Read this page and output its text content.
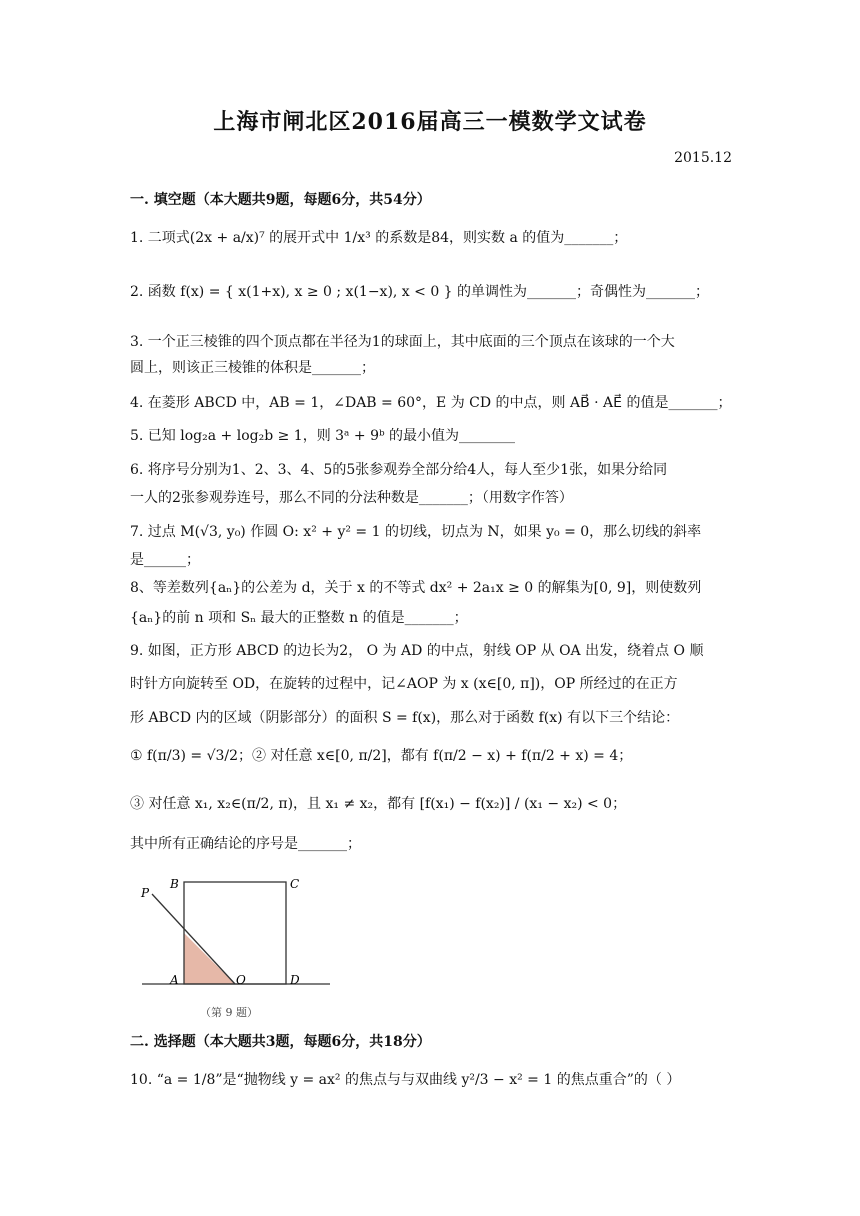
上海市闸北区2016届高三一模数学文试卷
2015.12
一. 填空题（本大题共9题，每题6分，共54分）
1. 二项式(2x + a/x)⁷ 的展开式中 1/x³ 的系数是84，则实数 a 的值为_______；
2. 函数 f(x) = { x(1+x), x ≥ 0 ; x(1−x), x < 0 } 的单调性为_______；奇偶性为_______；
3. 一个正三棱锥的四个顶点都在半径为1的球面上，其中底面的三个顶点在该球的一个大
圆上，则该正三棱锥的体积是_______；
4. 在菱形 ABCD 中，AB = 1，∠DAB = 60°，E 为 CD 的中点，则 AB⃗ · AE⃗ 的值是_______；
5. 已知 log₂a + log₂b ≥ 1，则 3ᵃ + 9ᵇ 的最小值为________
6. 将序号分别为1、2、3、4、5的5张参观券全部分给4人，每人至少1张，如果分给同
一人的2张参观券连号，那么不同的分法种数是_______；（用数字作答）
7. 过点 M(√3, y₀) 作圆 O: x² + y² = 1 的切线，切点为 N，如果 y₀ = 0，那么切线的斜率
是______；
8、等差数列{aₙ}的公差为 d，关于 x 的不等式 dx² + 2a₁x ≥ 0 的解集为[0, 9]，则使数列
{aₙ}的前 n 项和 Sₙ 最大的正整数 n 的值是_______；
9. 如图，正方形 ABCD 的边长为2， O 为 AD 的中点，射线 OP 从 OA 出发，绕着点 O 顺
时针方向旋转至 OD，在旋转的过程中，记∠AOP 为 x (x∈[0, π])，OP 所经过的在正方
形 ABCD 内的区域（阴影部分）的面积 S = f(x)，那么对于函数 f(x) 有以下三个结论：
① f(π/3) = √3/2；② 对任意 x∈[0, π/2]，都有 f(π/2 − x) + f(π/2 + x) = 4；
③ 对任意 x₁, x₂∈(π/2, π)，且 x₁ ≠ x₂，都有 [f(x₁) − f(x₂)] / (x₁ − x₂) < 0；
其中所有正确结论的序号是_______；
P
B	C
A	O	D
（第 9 题）
二. 选择题（本大题共3题，每题6分，共18分）
10. “a = 1/8”是“抛物线 y = ax² 的焦点与与双曲线 y²/3 − x² = 1 的焦点重合”的（ ）
